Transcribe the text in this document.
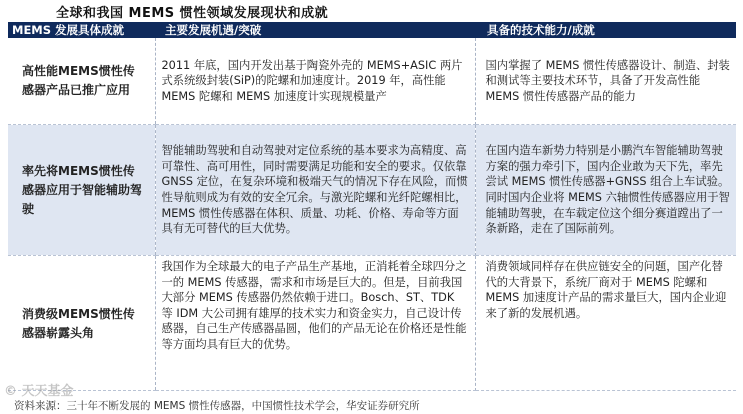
全球和我国 MEMS 惯性领域发展现状和成就
MEMS 发展具体成就	主要发展机遇/突破	具备的技术能力/成就
高性能MEMS惯性传感器产品已推广应用	2011 年底，国内开发出基于陶瓷外壳的 MEMS+ASIC 两片式系统级封装(SiP)的陀螺和加速度计。2019 年，高性能 MEMS 陀螺和 MEMS 加速度计实现规模量产	国内掌握了 MEMS 惯性传感器设计、制造、封装和测试等主要技术环节，具备了开发高性能 MEMS 惯性传感器产品的能力
率先将MEMS惯性传感器应用于智能辅助驾驶	智能辅助驾驶和自动驾驶对定位系统的基本要求为高精度、高可靠性、高可用性，同时需要满足功能和安全的要求。仅依靠 GNSS 定位，在复杂环境和极端天气的情况下存在风险，而惯性导航则成为有效的安全冗余。与激光陀螺和光纤陀螺相比，MEMS 惯性传感器在体积、质量、功耗、价格、寿命等方面具有无可替代的巨大优势。	在国内造车新势力特别是小鹏汽车智能辅助驾驶方案的强力牵引下，国内企业敢为天下先，率先尝试 MEMS 惯性传感器+GNSS 组合上车试验。同时国内企业将 MEMS 六轴惯性传感器应用于智能辅助驾驶，在车载定位这个细分赛道蹚出了一条新路，走在了国际前列。
消费级MEMS惯性传感器崭露头角	我国作为全球最大的电子产品生产基地，正消耗着全球四分之一的 MEMS 传感器，需求和市场是巨大的。但是，目前我国大部分 MEMS 传感器仍然依赖于进口。Bosch、ST、TDK 等 IDM 大公司拥有雄厚的技术实力和资金实力，自己设计传感器，自己生产传感器晶圆，他们的产品无论在价格还是性能等方面均具有巨大的优势。	消费领域同样存在供应链安全的问题，国产化替代的大背景下，系统厂商对于 MEMS 陀螺和 MEMS 加速度计产品的需求量巨大，国内企业迎来了新的发展机遇。
© 天天基金
资料来源：三十年不断发展的 MEMS 惯性传感器，中国惯性技术学会，华安证券研究所
